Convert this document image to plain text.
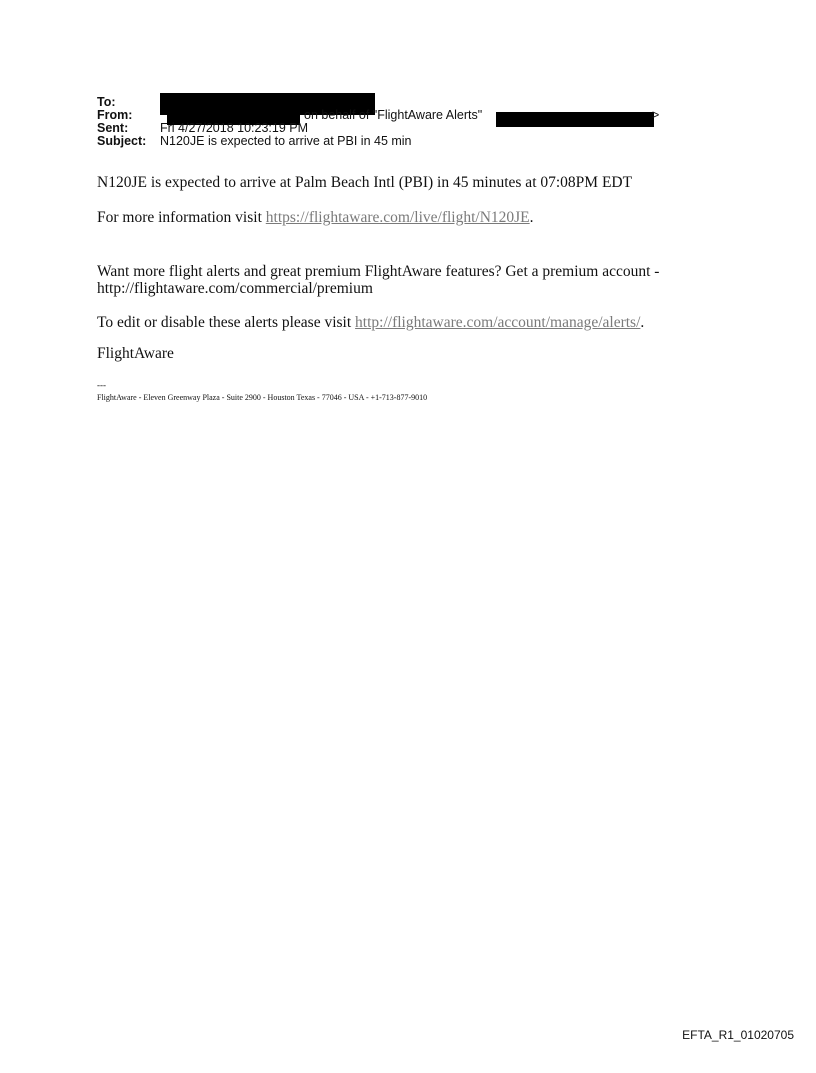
To:
From:	on behalf of "FlightAware Alerts"	>
Sent:	Fri 4/27/2018 10:23:19 PM
Subject: N120JE is expected to arrive at PBI in 45 min
N120JE is expected to arrive at Palm Beach Intl (PBI) in 45 minutes at 07:08PM EDT
For more information visit https://flightaware.com/live/flight/N120JE.
Want more flight alerts and great premium FlightAware features? Get a premium account -
http://flightaware.com/commercial/premium
To edit or disable these alerts please visit http://flightaware.com/account/manage/alerts/.
FlightAware
---
FlightAware - Eleven Greenway Plaza - Suite 2900 - Houston Texas - 77046 - USA - +1-713-877-9010
EFTA_R1_01020705
